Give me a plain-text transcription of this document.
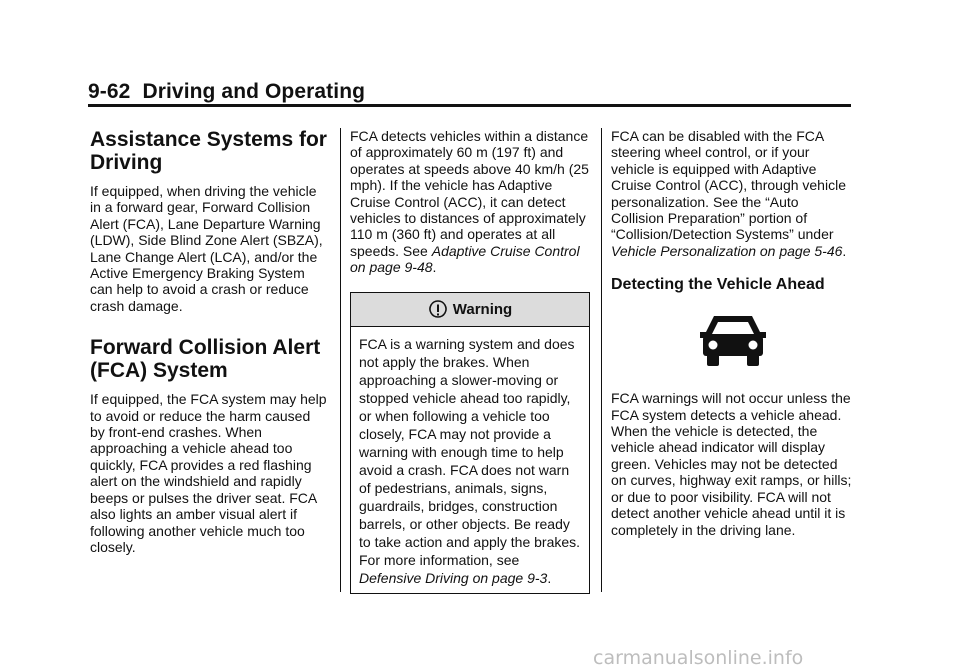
9-62 Driving and Operating
Assistance Systems for Driving

If equipped, when driving the vehicle in a forward gear, Forward Collision Alert (FCA), Lane Departure Warning (LDW), Side Blind Zone Alert (SBZA), Lane Change Alert (LCA), and/or the Active Emergency Braking System can help to avoid a crash or reduce crash damage.

Forward Collision Alert (FCA) System

If equipped, the FCA system may help to avoid or reduce the harm caused by front-end crashes. When approaching a vehicle ahead too quickly, FCA provides a red flashing alert on the windshield and rapidly beeps or pulses the driver seat. FCA also lights an amber visual alert if following another vehicle much too closely.

FCA detects vehicles within a distance of approximately 60 m (197 ft) and operates at speeds above 40 km/h (25 mph). If the vehicle has Adaptive Cruise Control (ACC), it can detect vehicles to distances of approximately 110 m (360 ft) and operates at all speeds. See Adaptive Cruise Control on page 9-48.

Warning

FCA is a warning system and does not apply the brakes. When approaching a slower-moving or stopped vehicle ahead too rapidly, or when following a vehicle too closely, FCA may not provide a warning with enough time to help avoid a crash. FCA does not warn of pedestrians, animals, signs, guardrails, bridges, construction barrels, or other objects. Be ready to take action and apply the brakes. For more information, see Defensive Driving on page 9-3.

FCA can be disabled with the FCA steering wheel control, or if your vehicle is equipped with Adaptive Cruise Control (ACC), through vehicle personalization. See the “Auto Collision Preparation” portion of “Collision/Detection Systems” under Vehicle Personalization on page 5-46.

Detecting the Vehicle Ahead

FCA warnings will not occur unless the FCA system detects a vehicle ahead. When the vehicle is detected, the vehicle ahead indicator will display green. Vehicles may not be detected on curves, highway exit ramps, or hills; or due to poor visibility. FCA will not detect another vehicle ahead until it is completely in the driving lane.

carmanualsonline.info
